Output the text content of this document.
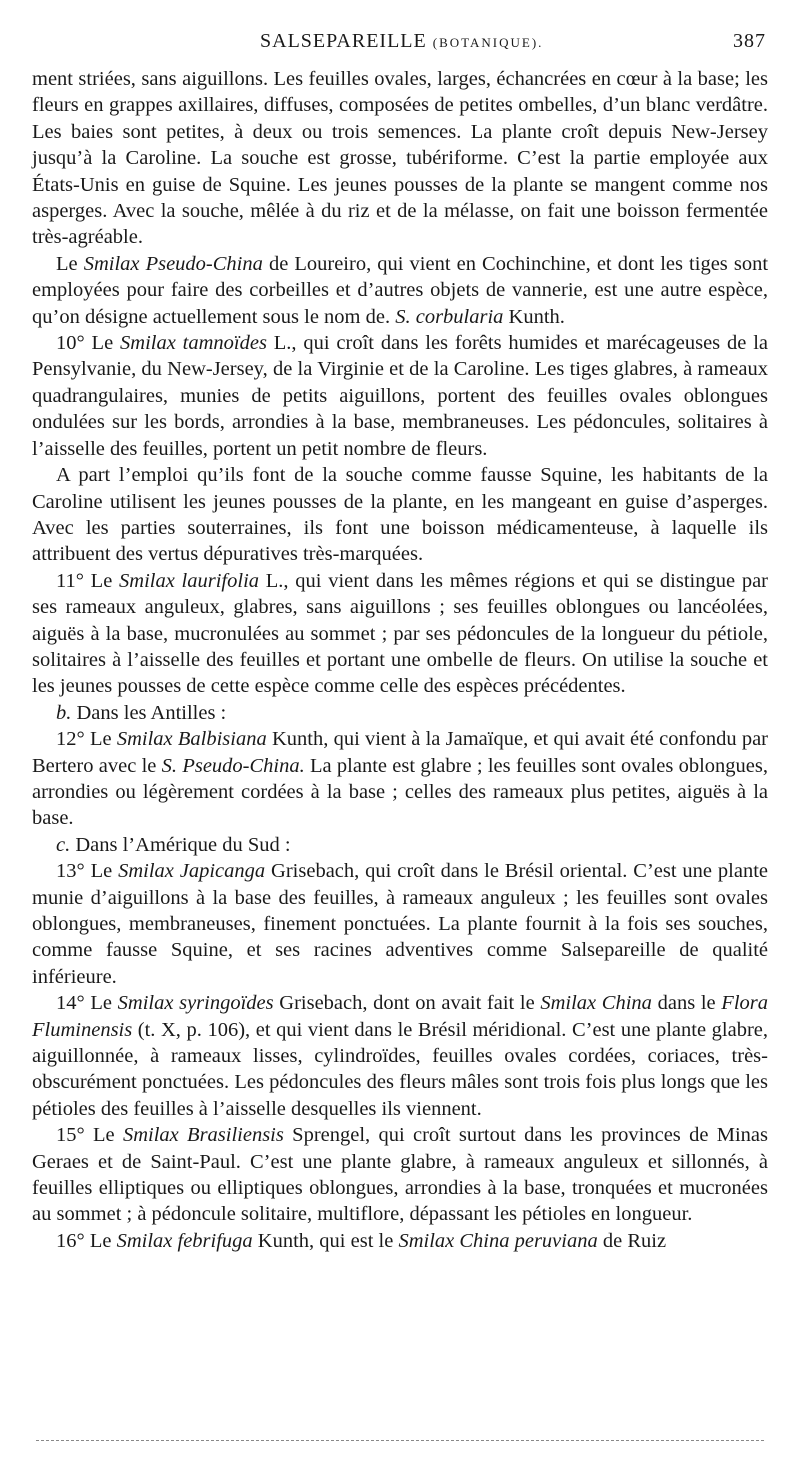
SALSEPAREILLE (BOTANIQUE).	387

ment striées, sans aiguillons. Les feuilles ovales, larges, échancrées en cœur à la base; les fleurs en grappes axillaires, diffuses, composées de petites ombelles, d’un blanc verdâtre. Les baies sont petites, à deux ou trois semences. La plante croît depuis New-Jersey jusqu’à la Caroline. La souche est grosse, tubériforme. C’est la partie employée aux États-Unis en guise de Squine. Les jeunes pousses de la plante se mangent comme nos asperges. Avec la souche, mêlée à du riz et de la mélasse, on fait une boisson fermentée très-agréable.

Le Smilax Pseudo-China de Loureiro, qui vient en Cochinchine, et dont les tiges sont employées pour faire des corbeilles et d’autres objets de vannerie, est une autre espèce, qu’on désigne actuellement sous le nom de. S. corbularia Kunth.

10° Le Smilax tamnoïdes L., qui croît dans les forêts humides et marécageuses de la Pensylvanie, du New-Jersey, de la Virginie et de la Caroline. Les tiges glabres, à rameaux quadrangulaires, munies de petits aiguillons, portent des feuilles ovales oblongues ondulées sur les bords, arrondies à la base, membraneuses. Les pédoncules, solitaires à l’aisselle des feuilles, portent un petit nombre de fleurs.

A part l’emploi qu’ils font de la souche comme fausse Squine, les habitants de la Caroline utilisent les jeunes pousses de la plante, en les mangeant en guise d’asperges. Avec les parties souterraines, ils font une boisson médicamenteuse, à laquelle ils attribuent des vertus dépuratives très-marquées.

11° Le Smilax laurifolia L., qui vient dans les mêmes régions et qui se distingue par ses rameaux anguleux, glabres, sans aiguillons ; ses feuilles oblongues ou lancéolées, aiguës à la base, mucronulées au sommet ; par ses pédoncules de la longueur du pétiole, solitaires à l’aisselle des feuilles et portant une ombelle de fleurs. On utilise la souche et les jeunes pousses de cette espèce comme celle des espèces précédentes.

b. Dans les Antilles :

12° Le Smilax Balbisiana Kunth, qui vient à la Jamaïque, et qui avait été confondu par Bertero avec le S. Pseudo-China. La plante est glabre ; les feuilles sont ovales oblongues, arrondies ou légèrement cordées à la base ; celles des rameaux plus petites, aiguës à la base.

c. Dans l’Amérique du Sud :

13° Le Smilax Japicanga Grisebach, qui croît dans le Brésil oriental. C’est une plante munie d’aiguillons à la base des feuilles, à rameaux anguleux ; les feuilles sont ovales oblongues, membraneuses, finement ponctuées. La plante fournit à la fois ses souches, comme fausse Squine, et ses racines adventives comme Salsepareille de qualité inférieure.

14° Le Smilax syringoïdes Grisebach, dont on avait fait le Smilax China dans le Flora Fluminensis (t. X, p. 106), et qui vient dans le Brésil méridional. C’est une plante glabre, aiguillonnée, à rameaux lisses, cylindroïdes, feuilles ovales cordées, coriaces, très-obscurément ponctuées. Les pédoncules des fleurs mâles sont trois fois plus longs que les pétioles des feuilles à l’aisselle desquelles ils viennent.

15° Le Smilax Brasiliensis Sprengel, qui croît surtout dans les provinces de Minas Geraes et de Saint-Paul. C’est une plante glabre, à rameaux anguleux et sillonnés, à feuilles elliptiques ou elliptiques oblongues, arrondies à la base, tronquées et mucronées au sommet ; à pédoncule solitaire, multiflore, dépassant les pétioles en longueur.

16° Le Smilax febrifuga Kunth, qui est le Smilax China peruviana de Ruiz
